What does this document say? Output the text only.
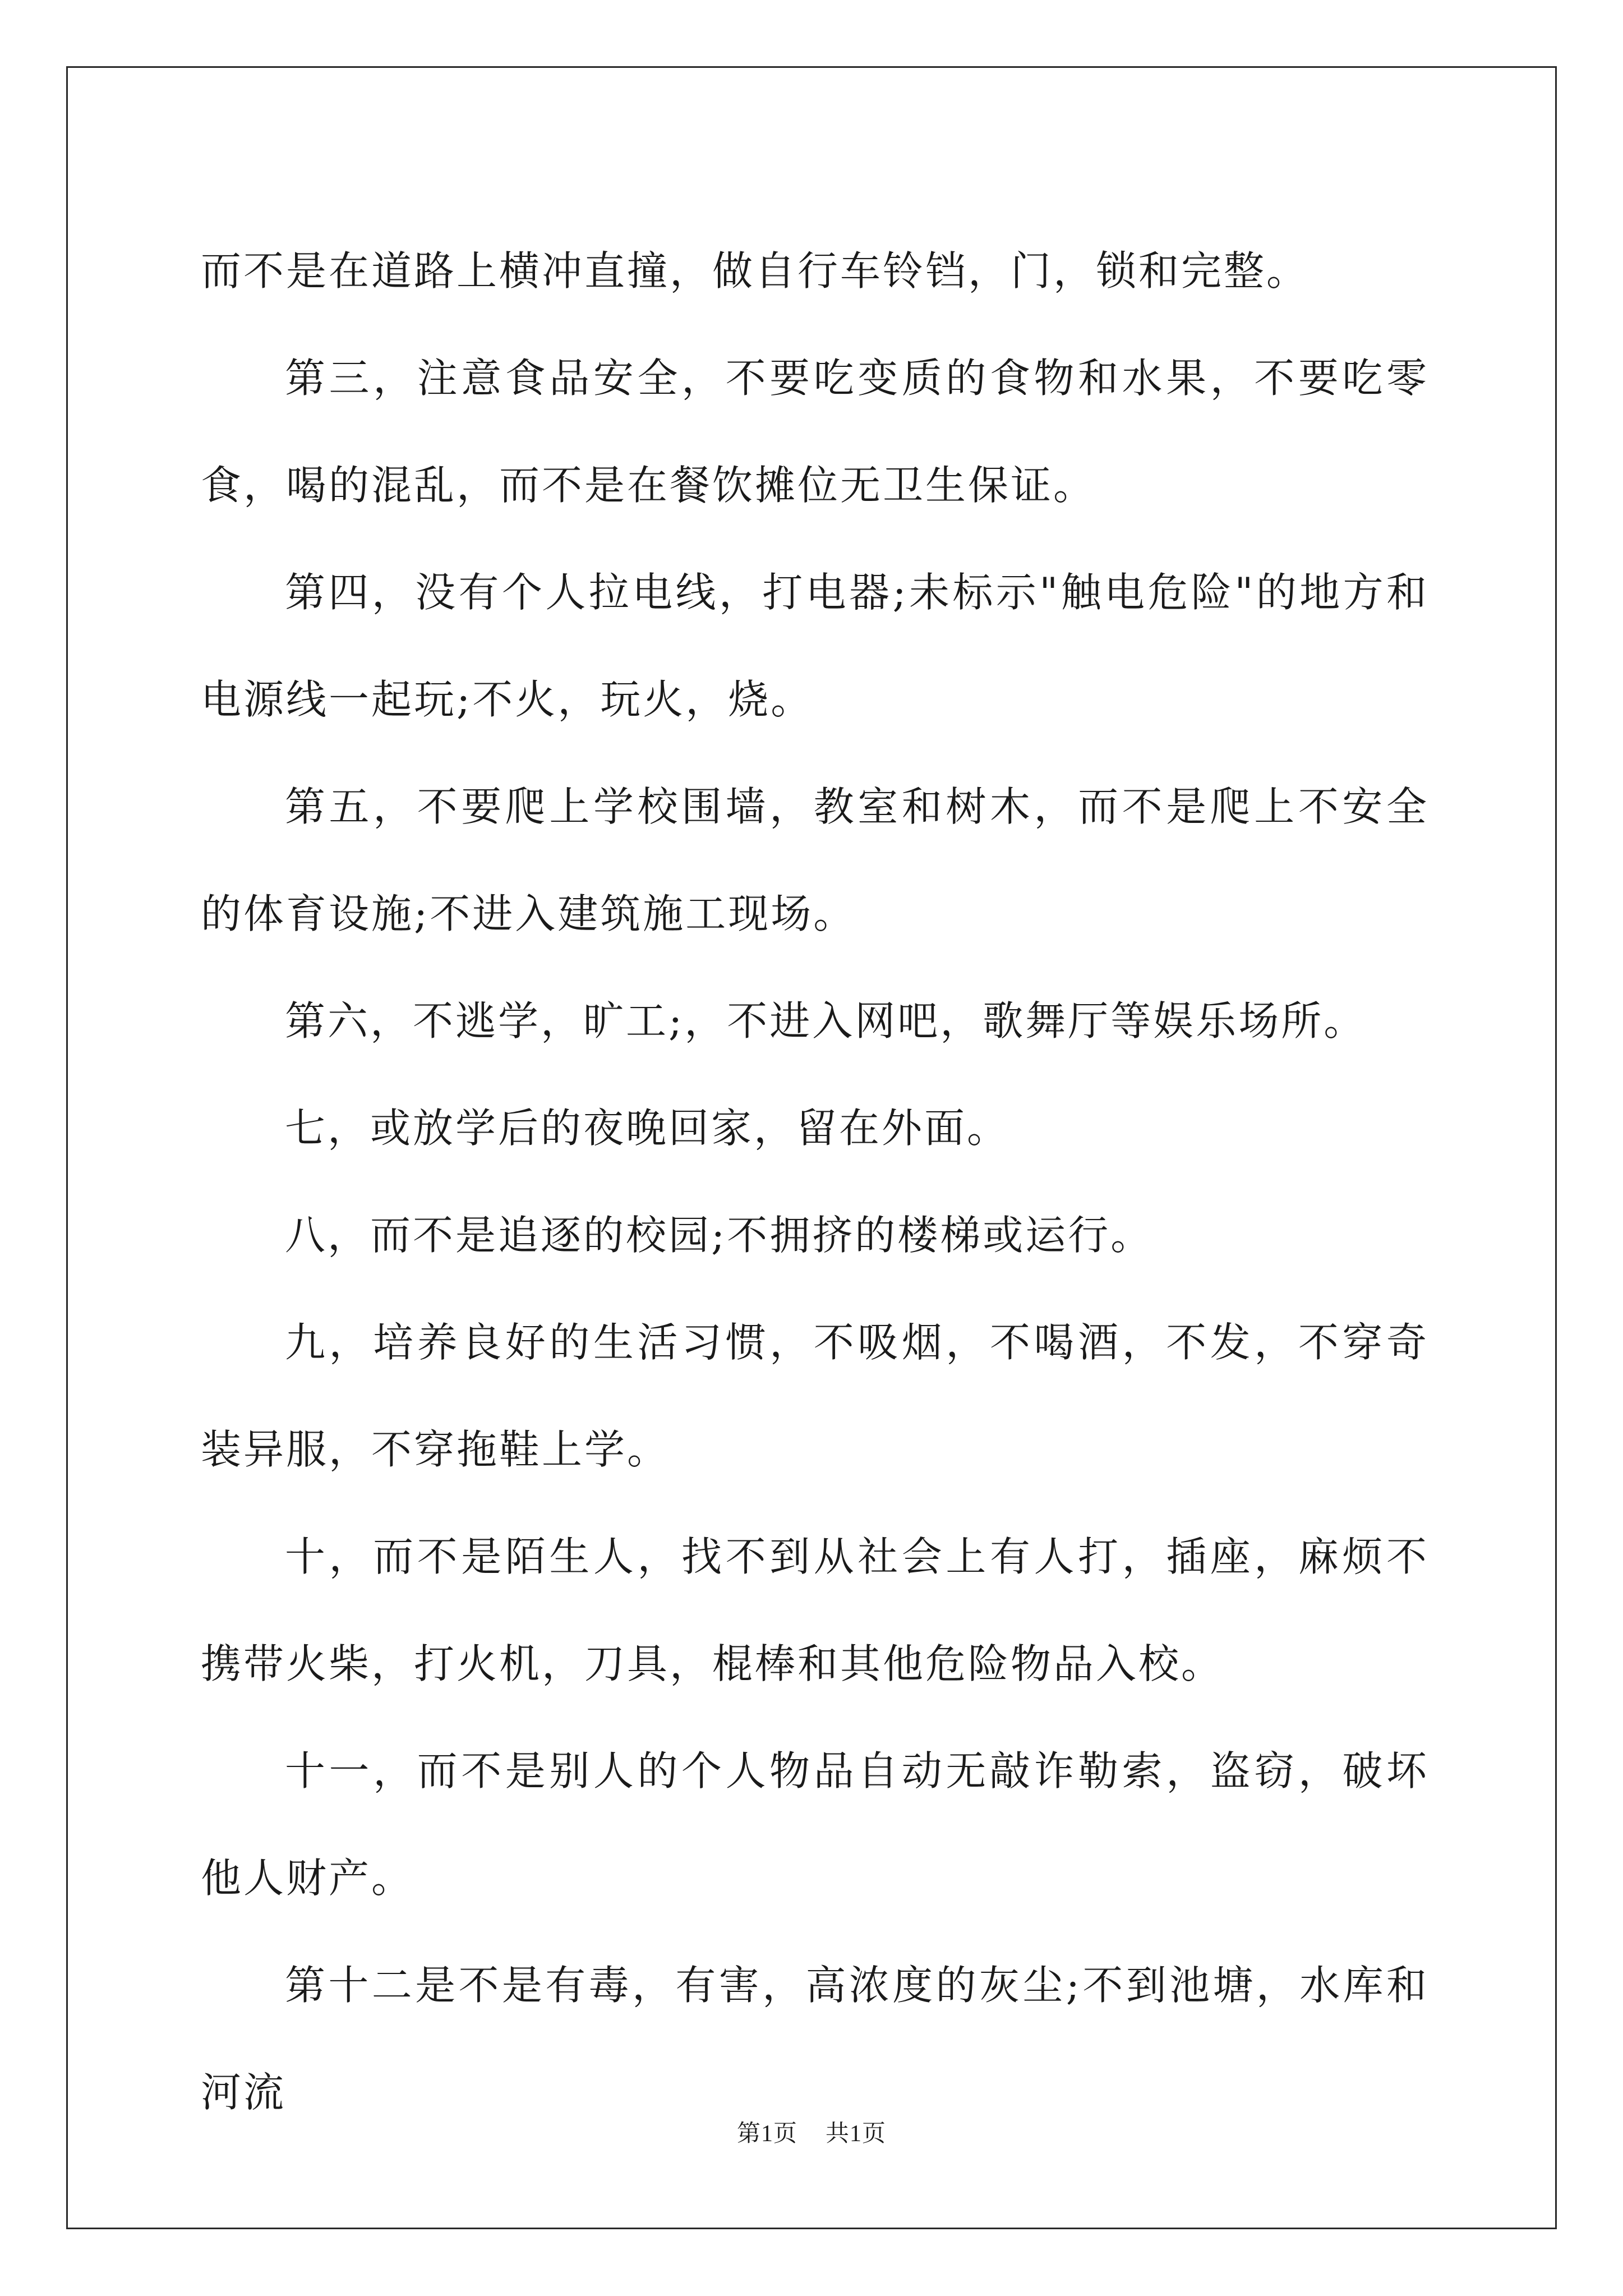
而不是在道路上横冲直撞，做自行车铃铛，门，锁和完整。

第三，注意食品安全，不要吃变质的食物和水果，不要吃零食，喝的混乱，而不是在餐饮摊位无卫生保证。

第四，没有个人拉电线，打电器;未标示"触电危险"的地方和电源线一起玩;不火，玩火，烧。

第五，不要爬上学校围墙，教室和树木，而不是爬上不安全的体育设施;不进入建筑施工现场。

第六，不逃学，旷工;，不进入网吧，歌舞厅等娱乐场所。

七，或放学后的夜晚回家，留在外面。

八，而不是追逐的校园;不拥挤的楼梯或运行。

九，培养良好的生活习惯，不吸烟，不喝酒，不发，不穿奇装异服，不穿拖鞋上学。

十，而不是陌生人，找不到从社会上有人打，插座，麻烦不携带火柴，打火机，刀具，棍棒和其他危险物品入校。

十一，而不是别人的个人物品自动无敲诈勒索，盗窃，破坏他人财产。

第十二是不是有毒，有害，高浓度的灰尘;不到池塘，水库和河流

第1页 共1页
